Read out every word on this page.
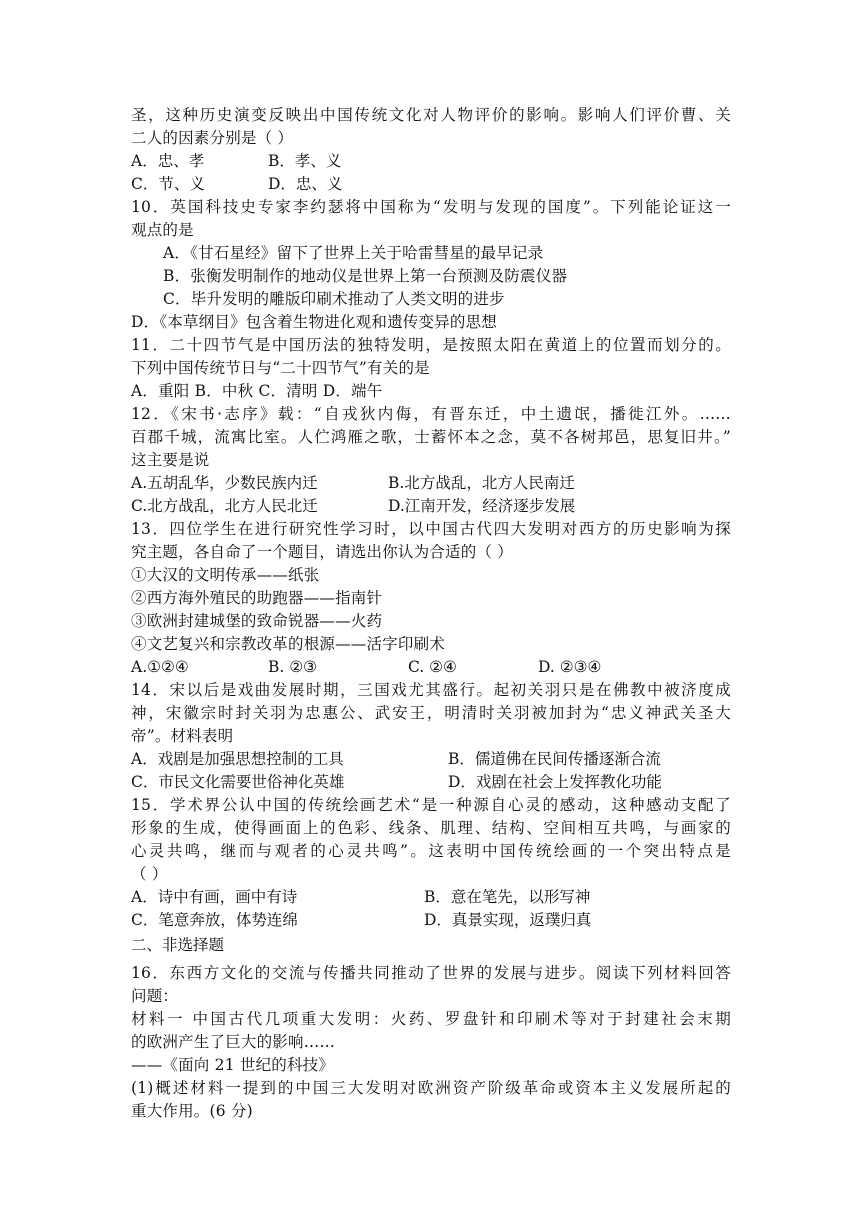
圣，这种历史演变反映出中国传统文化对人物评价的影响。影响人们评价曹、关
二人的因素分别是（ ）
A．忠、孝	B．孝、义
C．节、义	D．忠、义
10．英国科技史专家李约瑟将中国称为“发明与发现的国度”。下列能论证这一
观点的是
A．《甘石星经》留下了世界上关于哈雷彗星的最早记录
B．张衡发明制作的地动仪是世界上第一台预测及防震仪器
C．毕升发明的雕版印刷术推动了人类文明的进步
D．《本草纲目》包含着生物进化观和遗传变异的思想
11．二十四节气是中国历法的独特发明，是按照太阳在黄道上的位置而划分的。
下列中国传统节日与“二十四节气”有关的是
A．重阳 B．中秋 C．清明 D．端午
12．《宋书·志序》载：“自戎狄内侮，有晋东迁，中土遗氓，播徙江外。……
百郡千城，流寓比室。人伫鸿雁之歌，士蓄怀本之念，莫不各树邦邑，思复旧井。”
这主要是说
A.五胡乱华，少数民族内迁	B.北方战乱，北方人民南迁
C.北方战乱，北方人民北迁	D.江南开发，经济逐步发展
13．四位学生在进行研究性学习时，以中国古代四大发明对西方的历史影响为探
究主题，各自命了一个题目，请选出你认为合适的（ ）
①大汉的文明传承——纸张
②西方海外殖民的助跑器——指南针
③欧洲封建城堡的致命锐器——火药
④文艺复兴和宗教改革的根源——活字印刷术
A.①②④	B. ②③	C. ②④	D. ②③④
14．宋以后是戏曲发展时期，三国戏尤其盛行。起初关羽只是在佛教中被济度成
神，宋徽宗时封关羽为忠惠公、武安王，明清时关羽被加封为“忠义神武关圣大
帝”。材料表明
A．戏剧是加强思想控制的工具	B．儒道佛在民间传播逐渐合流
C．市民文化需要世俗神化英雄	D．戏剧在社会上发挥教化功能
15．学术界公认中国的传统绘画艺术“是一种源自心灵的感动，这种感动支配了
形象的生成，使得画面上的色彩、线条、肌理、结构、空间相互共鸣，与画家的
心灵共鸣，继而与观者的心灵共鸣”。这表明中国传统绘画的一个突出特点是
（ ）
A．诗中有画，画中有诗	B．意在笔先，以形写神
C．笔意奔放，体势连绵	D．真景实现，返璞归真
二、非选择题
16．东西方文化的交流与传播共同推动了世界的发展与进步。阅读下列材料回答
问题：
材料一 中国古代几项重大发明：火药、罗盘针和印刷术等对于封建社会末期
的欧洲产生了巨大的影响……
——《面向 21 世纪的科技》
(1)概述材料一提到的中国三大发明对欧洲资产阶级革命或资本主义发展所起的
重大作用。(6 分)
